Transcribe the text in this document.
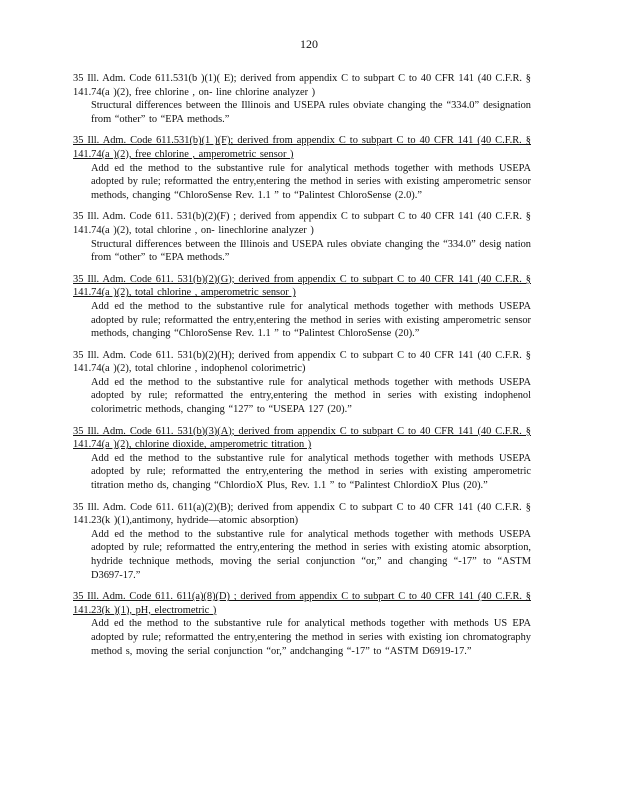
120
35 Ill. Adm. Code 611.531(b )(1)( E); derived from appendix C to subpart C to 40 CFR 141 (40 C.F.R. § 141.74(a )(2), free chlorine , on- line chlorine analyzer )
Structural differences between the Illinois and USEPA rules obviate changing the “334.0” designation from “other” to “EPA methods.”
35 Ill. Adm. Code 611.531(b)(1 )(F); derived from appendix C to subpart C to 40 CFR 141 (40 C.F.R. § 141.74(a )(2), free chlorine , amperometric sensor )
Add ed the method to the substantive rule for analytical methods together with methods USEPA adopted by rule; reformatted the entry,entering the method in series with existing amperometric sensor methods, changing “ChloroSense Rev. 1.1 ” to “Palintest ChloroSense (2.0).”
35 Ill. Adm. Code 611. 531(b)(2)(F) ; derived from appendix C to subpart C to 40 CFR 141 (40 C.F.R. § 141.74(a )(2), total chlorine , on- linechlorine analyzer )
Structural differences between the Illinois and USEPA rules obviate changing the “334.0” desig nation from “other” to “EPA methods.”
35 Ill. Adm. Code 611. 531(b)(2)(G); derived from appendix C to subpart C to 40 CFR 141 (40 C.F.R. § 141.74(a )(2), total chlorine , amperometric sensor )
Add ed the method to the substantive rule for analytical methods together with methods USEPA adopted by rule; reformatted the entry,entering the method in series with existing amperometric sensor methods, changing “ChloroSense Rev. 1.1 ” to “Palintest ChloroSense (20).”
35 Ill. Adm. Code 611. 531(b)(2)(H); derived from appendix C to subpart C to 40 CFR 141 (40 C.F.R. § 141.74(a )(2), total chlorine , indophenol colorimetric)
Add ed the method to the substantive rule for analytical methods together with methods USEPA adopted by rule; reformatted the entry,entering the method in series with existing indophenol colorimetric methods, changing “127” to “USEPA 127 (20).”
35 Ill. Adm. Code 611. 531(b)(3)(A); derived from appendix C to subpart C to 40 CFR 141 (40 C.F.R. § 141.74(a )(2), chlorine dioxide, amperometric titration )
Add ed the method to the substantive rule for analytical methods together with methods USEPA adopted by rule; reformatted the entry,entering the method in series with existing amperometric titration metho ds, changing “ChlordioX Plus, Rev. 1.1 ” to “Palintest ChlordioX Plus (20).”
35 Ill. Adm. Code 611. 611(a)(2)(B); derived from appendix C to subpart C to 40 CFR 141 (40 C.F.R. § 141.23(k )(1),antimony, hydride—atomic absorption)
Add ed the method to the substantive rule for analytical methods together with methods USEPA adopted by rule; reformatted the entry,entering the method in series with existing atomic absorption, hydride technique methods, moving the serial conjunction “or,” and changing “-17” to “ASTM D3697-17.”
35 Ill. Adm. Code 611. 611(a)(8)(D) ; derived from appendix C to subpart C to 40 CFR 141 (40 C.F.R. § 141.23(k )(1), pH, electrometric )
Add ed the method to the substantive rule for analytical methods together with methods US EPA adopted by rule; reformatted the entry,entering the method in series with existing ion chromatography method s, moving the serial conjunction “or,” andchanging “-17” to “ASTM D6919-17.”
